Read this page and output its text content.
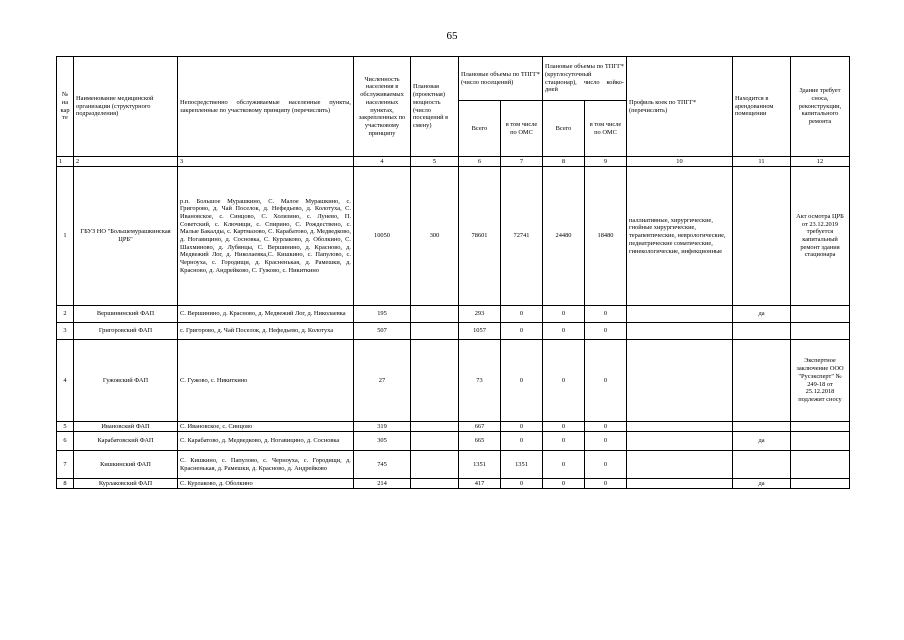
65
№ на кар те	Наименование медицинской организации (структурного подразделения)	Непосредственно обслуживаемые населенные пункты, закрепленные по участковому принципу (перечислить)	Численность населения в обслуживаемых населенных пунктах, закрепленных по участковому принципу	Плановая (проектная) мощность (число посещений в смену)	Плановые объемы по ТПГГ* (число посещений)		Плановые объемы по ТПГГ* (круглосуточный стационар), число койко-дней		Профиль коек по ТПГГ* (перечислить)	Находится в арендованном помещении	Здание требует сноса, реконструкции, капитального ремонта
					Всего	в том числе по ОМС	Всего	в том числе по ОМС			
1	2	3	4	5	6	7	8	9	10	11	12
1	ГБУЗ НО "Большемурашкинская ЦРБ"	р.п. Большое Мурашкино, С. Малое Мурашкино, с. Григорово, д. Чай Поселок, д. Нефедьево, д. Колотуха, С. Ивановское, с. Синцово, С. Холязино, с. Лунево, П. Советский, с. Ключищи, с. Спирино, С. Рождествено, с. Малые Бакалды, с. Картмазово, С. Карабатово, д. Медведково, д. Ногавицино, д. Сосновка, С. Курлаково, д. Оболкино, С. Шахминово, д. Лубянцы, С. Вершинино, д. Красново, д. Медвежий Лог, д. Николаевка,С. Кишкино, с. Папулово, с. Черноуха, с. Городищи, д. Красненькая, д. Рамешки, д. Красново, д. Андрейково, С. Гужово, с. Никиткино	10050	300	78601	72741	24480	18480	паллиативные, хирургические, гнойные хирургические, терапевтические, неврологические, педиатрические соматические, гинекологические, инфекционные		Акт осмотра ЦРБ от 23.12.2019 требуется капитальный ремонт здания стационара
2	Вершининский ФАП	С. Вершинино, д. Красново, д. Медвежий Лог, д. Николаевка	195		293	0	0	0		да	
3	Григоровский ФАП	с. Григорово, д. Чай Поселок, д. Нефедьево, д. Колотуха	507		1057	0	0	0			
4	Гужовский ФАП	С. Гужово, с. Никиткино	27		73	0	0	0			Экспертное заключение ООО "Русэксперт" № 249-18 от 25.12.2018 подлежит сносу
5	Ивановский ФАП	С. Ивановское, с. Синцово	319		667	0	0	0			
6	Карабатовский ФАП	С. Карабатово, д. Медведково, д. Ногавицино, д. Сосновка	305		665	0	0	0		да	
7	Кишкинский ФАП	С. Кишкино, с. Папулово, с. Черноуха, с. Городищи, д. Красненькая, д. Рамешки, д. Красново, д. Андрейково	745		1351	1351	0	0			
8	Курлаковский ФАП	С. Курлаково, д. Оболкино	214		417	0	0	0		да	
